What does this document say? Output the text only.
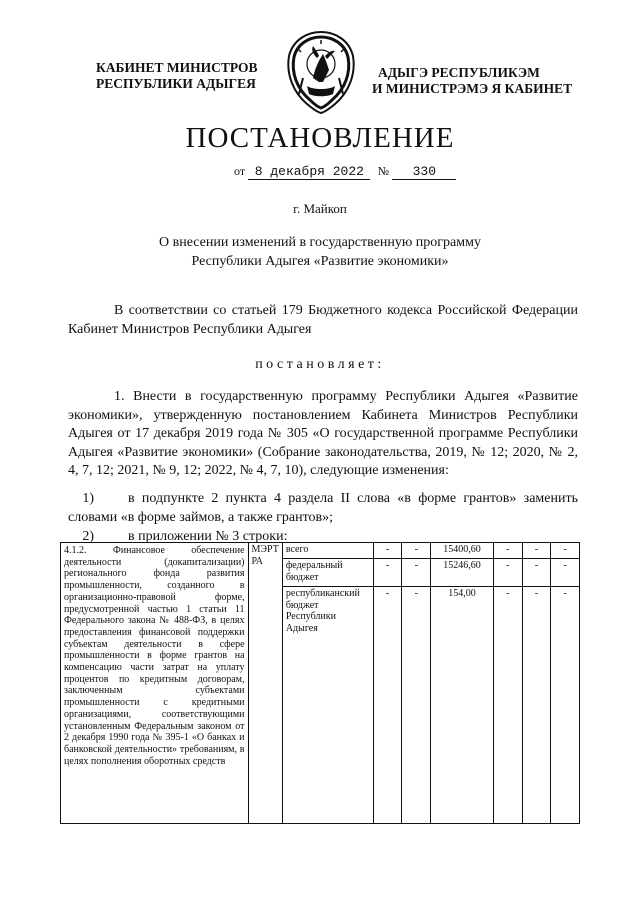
КАБИНЕТ МИНИСТРОВ
РЕСПУБЛИКИ АДЫГЕЯ
АДЫГЭ РЕСПУБЛИКЭМ
И МИНИСТРЭМЭ Я КАБИНЕТ
ПОСТАНОВЛЕНИЕ
от 8 декабря 2022 № 330
г. Майкоп
О внесении изменений в государственную программу
Республики Адыгея «Развитие экономики»
В соответствии со статьей 179 Бюджетного кодекса Российской Федерации Кабинет Министров Республики Адыгея
постановляет:
1. Внести в государственную программу Республики Адыгея «Развитие экономики», утвержденную постановлением Кабинета Министров Республики Адыгея от 17 декабря 2019 года № 305 «О государственной программе Республики Адыгея «Развитие экономики» (Собрание законодательства, 2019, № 12; 2020, № 2, 4, 7, 12; 2021, № 9, 12; 2022, № 4, 7, 10), следующие изменения:
1) в подпункте 2 пункта 4 раздела II слова «в форме грантов» заменить словами «в форме займов, а также грантов»;
2) в приложении № 3 строки:
4.1.2. Финансовое обеспечение деятельности (докапитализации) регионального фонда развития промышленности, созданного в организационно-правовой форме, предусмотренной частью 1 статьи 11 Федерального закона № 488-ФЗ, в целях предоставления финансовой поддержки субъектам деятельности в сфере промышленности в форме грантов на компенсацию части затрат на уплату процентов по кредитным договорам, заключенным субъектами промышленности с кредитными организациями, соответствующими установленным Федеральным законом от 2 декабря 1990 года № 395-1 «О банках и банковской деятельности» требованиям, в целях пополнения оборотных средств	МЭРТ РА	всего	-	-	15400,60	-	-	-
		федеральный бюджет	-	-	15246,60	-	-	-
		республиканский бюджет Республики Адыгея	-	-	154,00	-	-	-
